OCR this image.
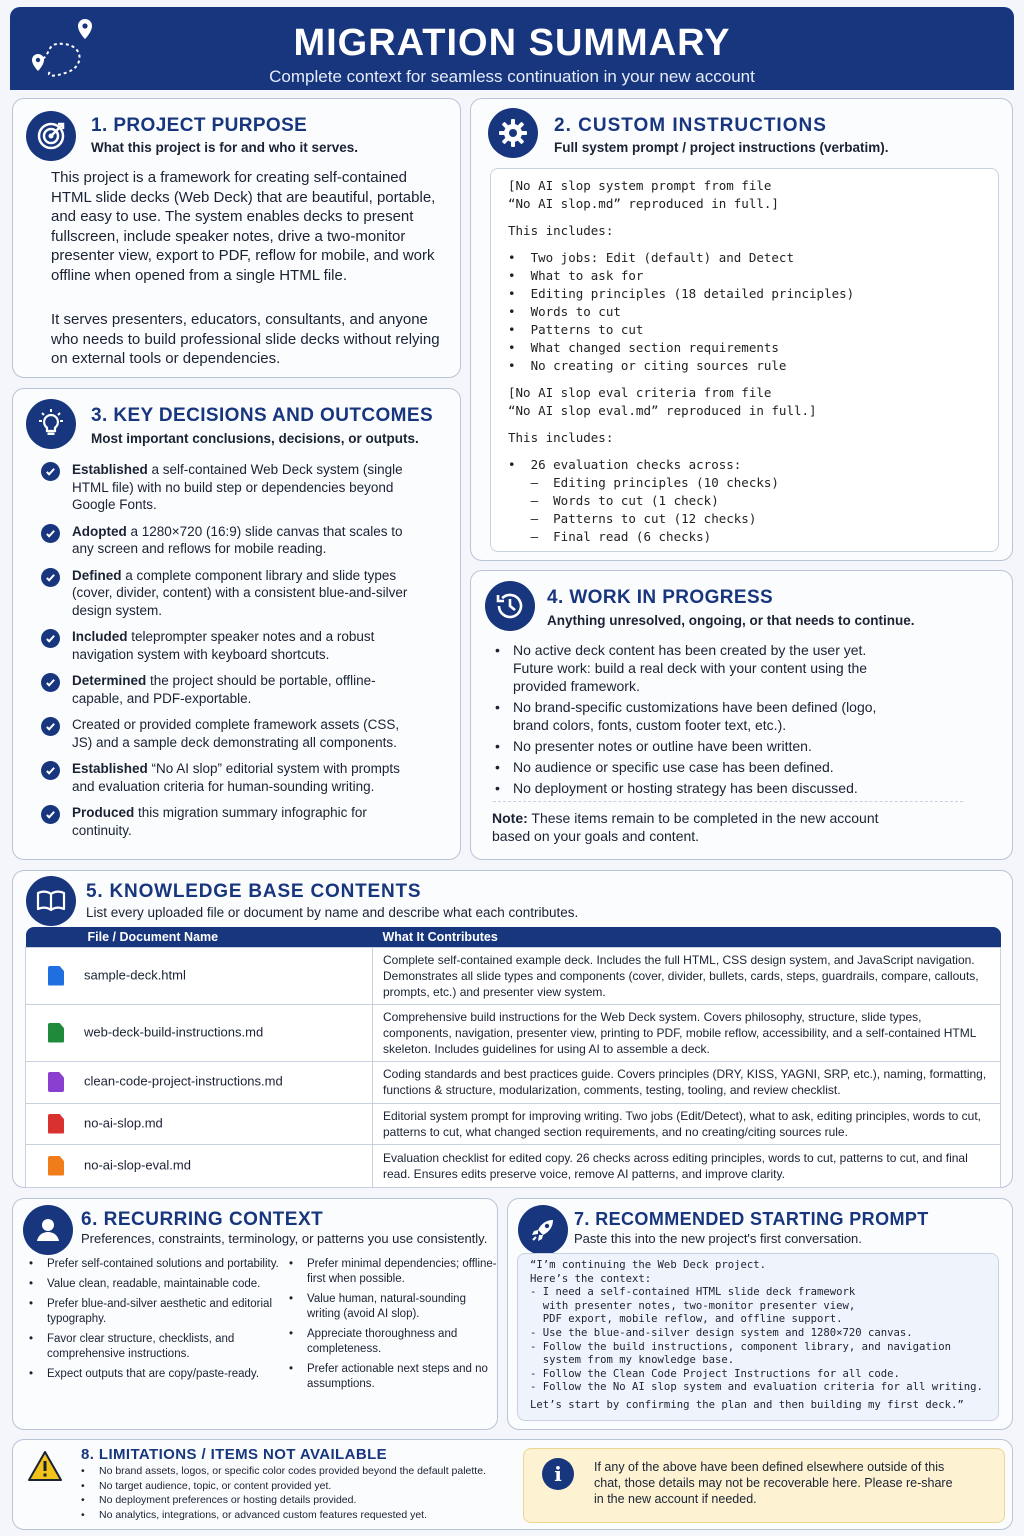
MIGRATION SUMMARY

Complete context for seamless continuation in your new account

1. PROJECT PURPOSE
What this project is for and who it serves.
This project is a framework for creating self-contained HTML slide decks (Web Deck) that are beautiful, portable, and easy to use. The system enables decks to present fullscreen, include speaker notes, drive a two-monitor presenter view, export to PDF, reflow for mobile, and work offline when opened from a single HTML file.
It serves presenters, educators, consultants, and anyone who needs to build professional slide decks without relying on external tools or dependencies.
2. CUSTOM INSTRUCTIONS
Full system prompt / project instructions (verbatim).
[No AI slop system prompt from file
“No AI slop.md” reproduced in full.]
This includes:
•  Two jobs: Edit (default) and Detect
•  What to ask for
•  Editing principles (18 detailed principles)
•  Words to cut
•  Patterns to cut
•  What changed section requirements
•  No creating or citing sources rule
[No AI slop eval criteria from file
“No AI slop eval.md” reproduced in full.]
This includes:
•  26 evaluation checks across:
–  Editing principles (10 checks)
–  Words to cut (1 check)
–  Patterns to cut (12 checks)
–  Final read (6 checks)
3. KEY DECISIONS AND OUTCOMES
Most important conclusions, decisions, or outputs.
Established a self-contained Web Deck system (single HTML file) with no build step or dependencies beyond Google Fonts.
Adopted a 1280×720 (16:9) slide canvas that scales to any screen and reflows for mobile reading.
Defined a complete component library and slide types (cover, divider, content) with a consistent blue-and-silver design system.
Included teleprompter speaker notes and a robust navigation system with keyboard shortcuts.
Determined the project should be portable, offline-capable, and PDF-exportable.
Created or provided complete framework assets (CSS, JS) and a sample deck demonstrating all components.
Established “No AI slop” editorial system with prompts and evaluation criteria for human-sounding writing.
Produced this migration summary infographic for continuity.
4. WORK IN PROGRESS
Anything unresolved, ongoing, or that needs to continue.
• No active deck content has been created by the user yet. Future work: build a real deck with your content using the provided framework.
• No brand-specific customizations have been defined (logo, brand colors, fonts, custom footer text, etc.).
• No presenter notes or outline have been written.
• No audience or specific use case has been defined.
• No deployment or hosting strategy has been discussed.
Note: These items remain to be completed in the new account based on your goals and content.
5. KNOWLEDGE BASE CONTENTS
List every uploaded file or document by name and describe what each contributes.
File / Document Name	What It Contributes
sample-deck.html	Complete self-contained example deck. Includes the full HTML, CSS design system, and JavaScript navigation. Demonstrates all slide types and components (cover, divider, bullets, cards, steps, guardrails, compare, callouts, prompts, etc.) and presenter view system.
web-deck-build-instructions.md	Comprehensive build instructions for the Web Deck system. Covers philosophy, structure, slide types, components, navigation, presenter view, printing to PDF, mobile reflow, accessibility, and a self-contained HTML skeleton. Includes guidelines for using AI to assemble a deck.
clean-code-project-instructions.md	Coding standards and best practices guide. Covers principles (DRY, KISS, YAGNI, SRP, etc.), naming, formatting, functions & structure, modularization, comments, testing, tooling, and review checklist.
no-ai-slop.md	Editorial system prompt for improving writing. Two jobs (Edit/Detect), what to ask, editing principles, words to cut, patterns to cut, what changed section requirements, and no creating/citing sources rule.
no-ai-slop-eval.md	Evaluation checklist for edited copy. 26 checks across editing principles, words to cut, patterns to cut, and final read. Ensures edits preserve voice, remove AI patterns, and improve clarity.
6. RECURRING CONTEXT
Preferences, constraints, terminology, or patterns you use consistently.
• Prefer self-contained solutions and portability.
• Value clean, readable, maintainable code.
• Prefer blue-and-silver aesthetic and editorial typography.
• Favor clear structure, checklists, and comprehensive instructions.
• Expect outputs that are copy/paste-ready.
• Prefer minimal dependencies; offline-first when possible.
• Value human, natural-sounding writing (avoid AI slop).
• Appreciate thoroughness and completeness.
• Prefer actionable next steps and no assumptions.
7. RECOMMENDED STARTING PROMPT
Paste this into the new project's first conversation.
“I’m continuing the Web Deck project.
Here’s the context:
- I need a self-contained HTML slide deck framework
with presenter notes, two-monitor presenter view,
PDF export, mobile reflow, and offline support.
- Use the blue-and-silver design system and 1280×720 canvas.
- Follow the build instructions, component library, and navigation
system from my knowledge base.
- Follow the Clean Code Project Instructions for all code.
- Follow the No AI slop system and evaluation criteria for all writing.
Let’s start by confirming the plan and then building my first deck.”
8. LIMITATIONS / ITEMS NOT AVAILABLE
• No brand assets, logos, or specific color codes provided beyond the default palette.
• No target audience, topic, or content provided yet.
• No deployment preferences or hosting details provided.
• No analytics, integrations, or advanced custom features requested yet.
i	If any of the above have been defined elsewhere outside of this chat, those details may not be recoverable here. Please re-share in the new account if needed.
